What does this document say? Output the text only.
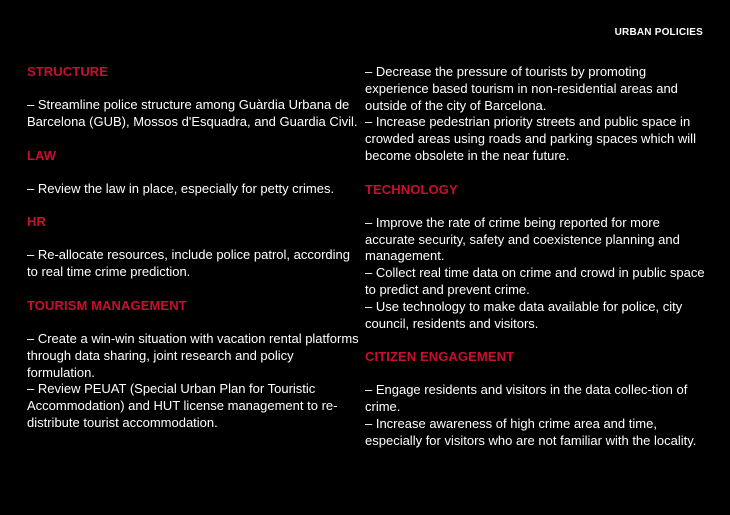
URBAN POLICIES
STRUCTURE

– Streamline police structure among Guàrdia Urbana de Barcelona (GUB), Mossos d'Esquadra, and Guardia Civil.

LAW

– Review the law in place, especially for petty crimes.

HR

– Re-allocate resources, include police patrol, according to real time crime prediction.

TOURISM MANAGEMENT

– Create a win-win situation with vacation rental platforms through data sharing, joint research and policy formulation.

– Review PEUAT (Special Urban Plan for Touristic Accommodation) and HUT license management to re-distribute tourist accommodation.

– Decrease the pressure of tourists by promoting experience based tourism in non-residential areas and outside of the city of Barcelona.

– Increase pedestrian priority streets and public space in crowded areas using roads and parking spaces which will become obsolete in the near future.

TECHNOLOGY

– Improve the rate of crime being reported for more accurate security, safety and coexistence planning and management.

– Collect real time data on crime and crowd in public space to predict and prevent crime.

– Use technology to make data available for police, city council, residents and visitors.

CITIZEN ENGAGEMENT

– Engage residents and visitors in the data collec-tion of crime.

– Increase awareness of high crime area and time, especially for visitors who are not familiar with the locality.
